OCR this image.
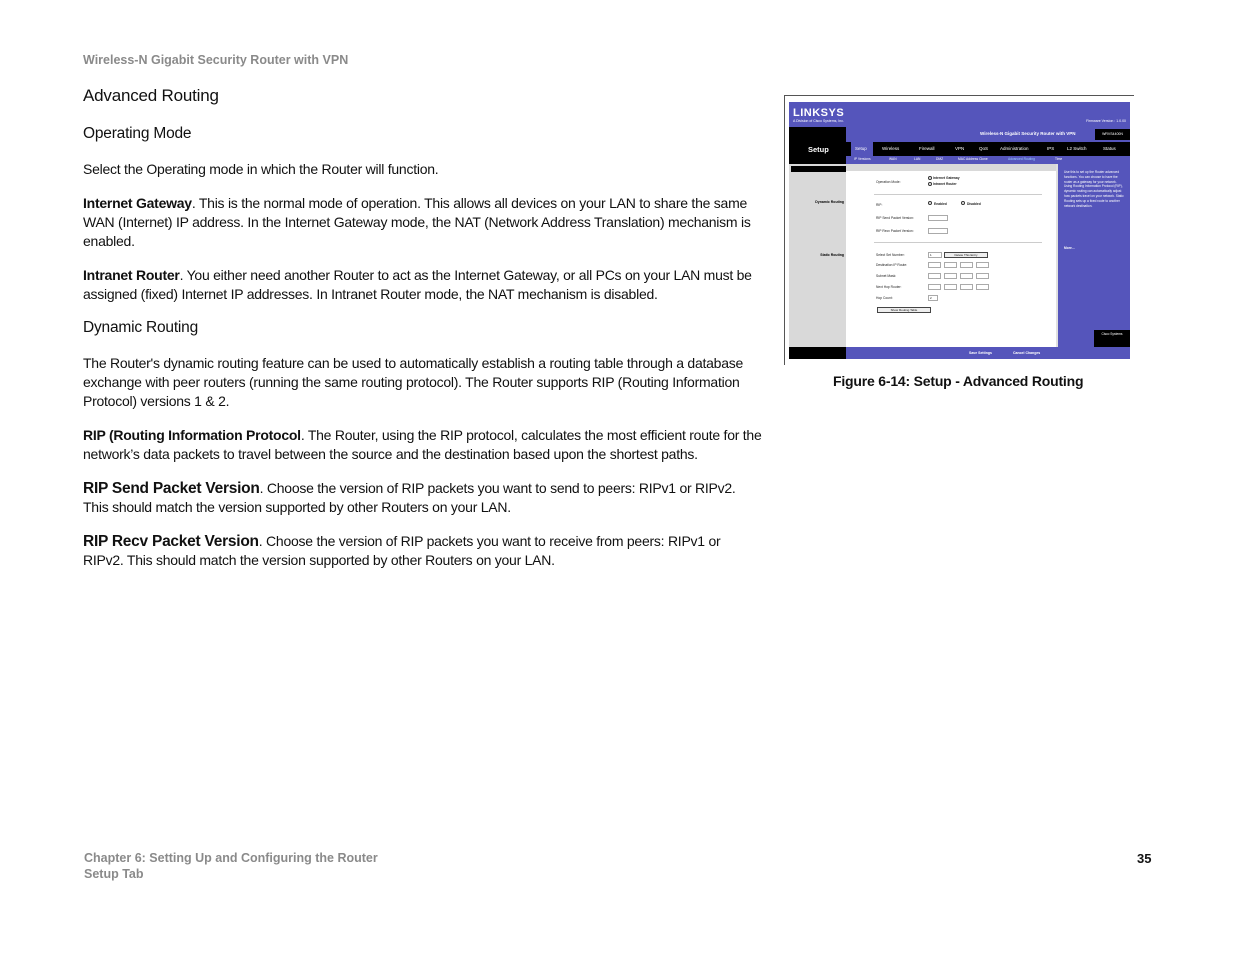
Wireless-N Gigabit Security Router with VPN
Advanced Routing
Operating Mode

Select the Operating mode in which the Router will function.

Internet Gateway. This is the normal mode of operation. This allows all devices on your LAN to share the same WAN (Internet) IP address. In the Internet Gateway mode, the NAT (Network Address Translation) mechanism is enabled.

Intranet Router. You either need another Router to act as the Internet Gateway, or all PCs on your LAN must be assigned (fixed) Internet IP addresses. In Intranet Router mode, the NAT mechanism is disabled.

Dynamic Routing

The Router's dynamic routing feature can be used to automatically establish a routing table through a database exchange with peer routers (running the same routing protocol). The Router supports RIP (Routing Information Protocol) versions 1 & 2.

RIP (Routing Information Protocol. The Router, using the RIP protocol, calculates the most efficient route for the network’s data packets to travel between the source and the destination based upon the shortest paths.

RIP Send Packet Version. Choose the version of RIP packets you want to send to peers: RIPv1 or RIPv2. This should match the version supported by other Routers on your LAN.

RIP Recv Packet Version. Choose the version of RIP packets you want to receive from peers: RIPv1 or RIPv2. This should match the version supported by other Routers on your LAN.

LINKSYS
A Division of Cisco Systems, Inc.	Firmware Version : 1.0.00
Setup
Wireless-N Gigabit Security Router with VPN	WRVS4400N
Setup	Wireless	Firewall	VPN	QoS	Administration	IPS	L2 Switch	Status
IP Versions	WAN	LAN	DMZ	MAC Address Clone	Advanced Routing	Time
Dynamic Routing
Static Routing
Operation Mode:
Internet Gateway
Intranet Router
RIP:	Enabled	Disabled
RIP Send Packet Version:
RIP Recv Packet Version:
Select Set Number:	1	Delete This Entry
Destination IP Route:
Subnet Mask:
Next Hop Router:
Hop Count:	2
Show Routing Table
Use this to set up the Router advanced functions. You can choose to have the router as a gateway for your network. Using Routing Information Protocol (RIP), dynamic routing can automatically adjust how packets travel on your network. Static Routing sets up a fixed route to another network destination.
More...
Cisco Systems
Save Settings	Cancel Changes
Figure 6-14: Setup - Advanced Routing
Chapter 6: Setting Up and Configuring the Router
Setup Tab
35
